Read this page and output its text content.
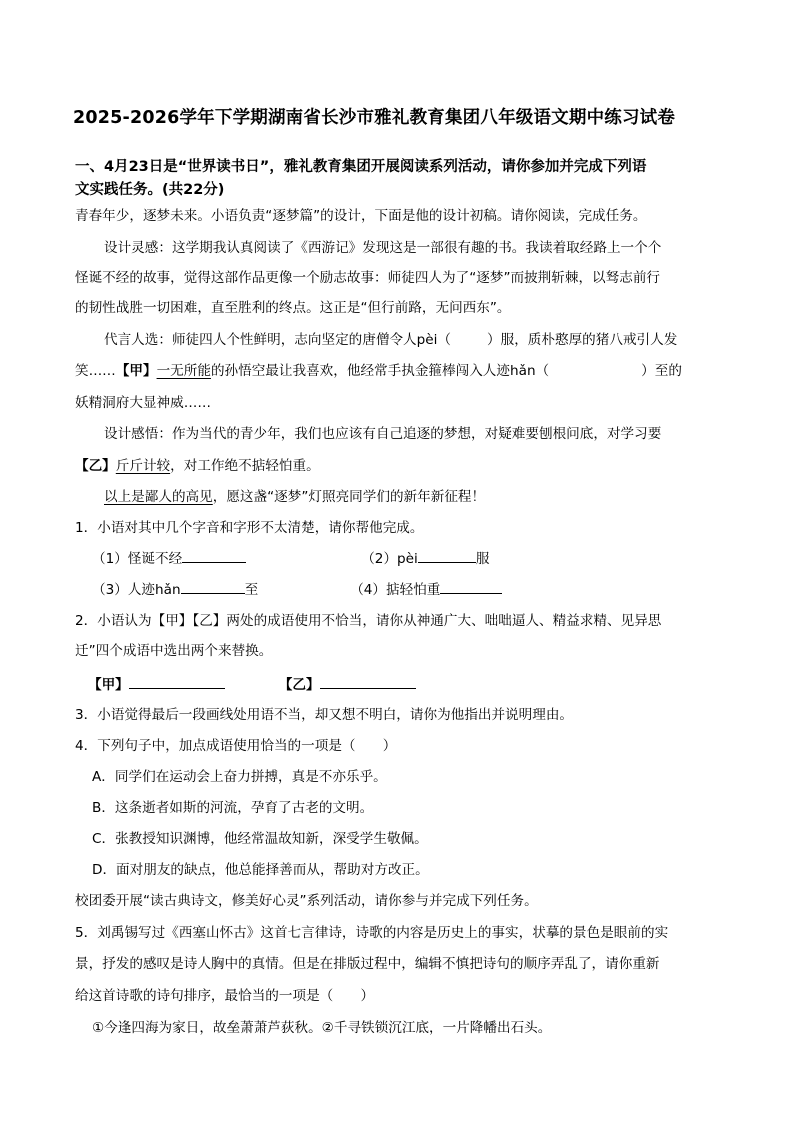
2025-2026学年下学期湖南省长沙市雅礼教育集团八年级语文期中练习试卷
一、4月23日是“世界读书日”，雅礼教育集团开展阅读系列活动，请你参加并完成下列语
文实践任务。(共22分)
青春年少，逐梦未来。小语负责“逐梦篇”的设计，下面是他的设计初稿。请你阅读，完成任务。
设计灵感：这学期我认真阅读了《西游记》发现这是一部很有趣的书。我读着取经路上一个个
怪诞不经的故事，觉得这部作品更像一个励志故事：师徒四人为了“逐梦”而披荆斩棘，以驽志前行
的韧性战胜一切困难，直至胜利的终点。这正是“但行前路，无问西东”。
代言人选：师徒四人个性鲜明，志向坚定的唐僧令人pèi（	）服，质朴憨厚的猪八戒引人发
笑……【甲】一无所能的孙悟空最让我喜欢，他经常手执金箍棒闯入人迹hǎn（	）至的
妖精洞府大显神威……
设计感悟：作为当代的青少年，我们也应该有自己追逐的梦想，对疑难要刨根问底，对学习要
【乙】斤斤计较，对工作绝不掂轻怕重。
以上是鄙人的高见，愿这盏“逐梦”灯照亮同学们的新年新征程！
1．小语对其中几个字音和字形不太清楚，请你帮他完成。
（1）怪诞不经	（2）pèi	服
（3）人迹hǎn	至	（4）掂轻怕重
2．小语认为【甲】【乙】两处的成语使用不恰当，请你从神通广大、咄咄逼人、精益求精、见异思
迁”四个成语中选出两个来替换。
【甲】	【乙】
3．小语觉得最后一段画线处用语不当，却又想不明白，请你为他指出并说明理由。
4．下列句子中，加点成语使用恰当的一项是（　　）
A．同学们在运动会上奋力拼搏，真是不亦乐乎。
B．这条逝者如斯的河流，孕育了古老的文明。
C．张教授知识渊博，他经常温故知新，深受学生敬佩。
D．面对朋友的缺点，他总能择善而从，帮助对方改正。
校团委开展“读古典诗文，修美好心灵”系列活动，请你参与并完成下列任务。
5．刘禹锡写过《西塞山怀古》这首七言律诗，诗歌的内容是历史上的事实，状摹的景色是眼前的实
景，抒发的感叹是诗人胸中的真情。但是在排版过程中，编辑不慎把诗句的顺序弄乱了，请你重新
给这首诗歌的诗句排序，最恰当的一项是（　　）
①今逢四海为家日，故垒萧萧芦荻秋。②千寻铁锁沉江底，一片降幡出石头。
